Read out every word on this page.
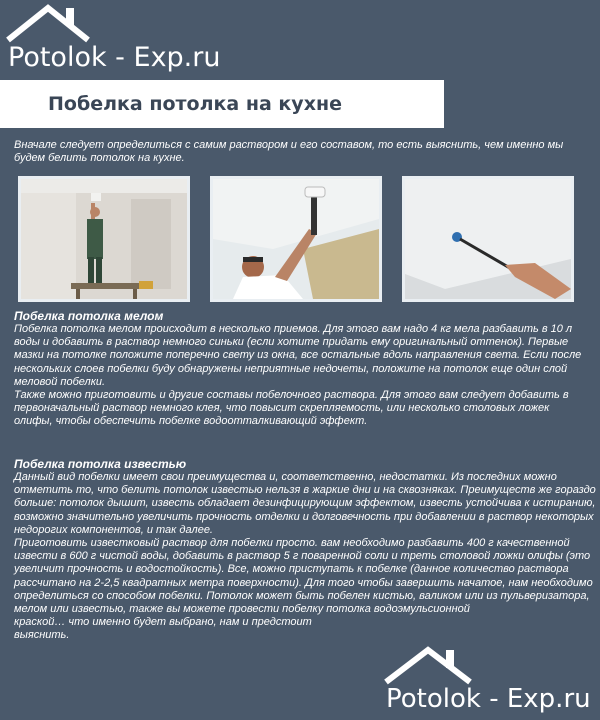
Potolok - Exp.ru
Побелка потолка на кухне
Вначале следует определиться с самим раствором и его составом, то есть выяснить, чем именно мы будем белить потолок на кухне.
Побелка потолка мелом

Побелка потолка мелом происходит в несколько приемов. Для этого вам надо 4 кг мела разбавить в 10 л воды и добавить в раствор немного синьки (если хотите придать ему оригинальный оттенок). Первые мазки на потолке положите поперечно свету из окна, все остальные вдоль направления света. Если после нескольких слоев побелки буду обнаружены неприятные недочеты, положите на потолок еще один слой меловой побелки.

Также можно приготовить и другие составы побелочного раствора. Для этого вам следует добавить в первоначальный раствор немного клея, что повысит скрепляемость, или несколько столовых ложек олифы, чтобы обеспечить побелке водоотталкивающий эффект.

Побелка потолка известью

Данный вид побелки имеет свои преимущества и, соответственно, недостатки. Из последних можно отметить то, что белить потолок известью нельзя в жаркие дни и на сквозняках. Преимуществ же гораздо больше: потолок дышит, известь обладает дезинфицирующим эффектом, известь устойчива к истиранию, возможно значительно увеличить прочность отделки и долговечность при добавлении в раствор некоторых недорогих компонентов, и так далее.

Приготовить известковый раствор для побелки просто. вам необходимо разбавить 400 г качественной извести в 600 г чистой воды, добавить в раствор 5 г поваренной соли и треть столовой ложки олифы (это увеличит прочность и водостойкость). Все, можно приступать к побелке (данное количество раствора рассчитано на 2-2,5 квадратных метра поверхности). Для того чтобы завершить начатое, нам необходимо определиться со способом побелки. Потолок может быть побелен кистью, валиком или из пульверизатора, мелом или известью, также вы можете провести побелку потолка водоэмульсионной

краской… что именно будет выбрано, нам и предстоит выяснить.

Potolok - Exp.ru
